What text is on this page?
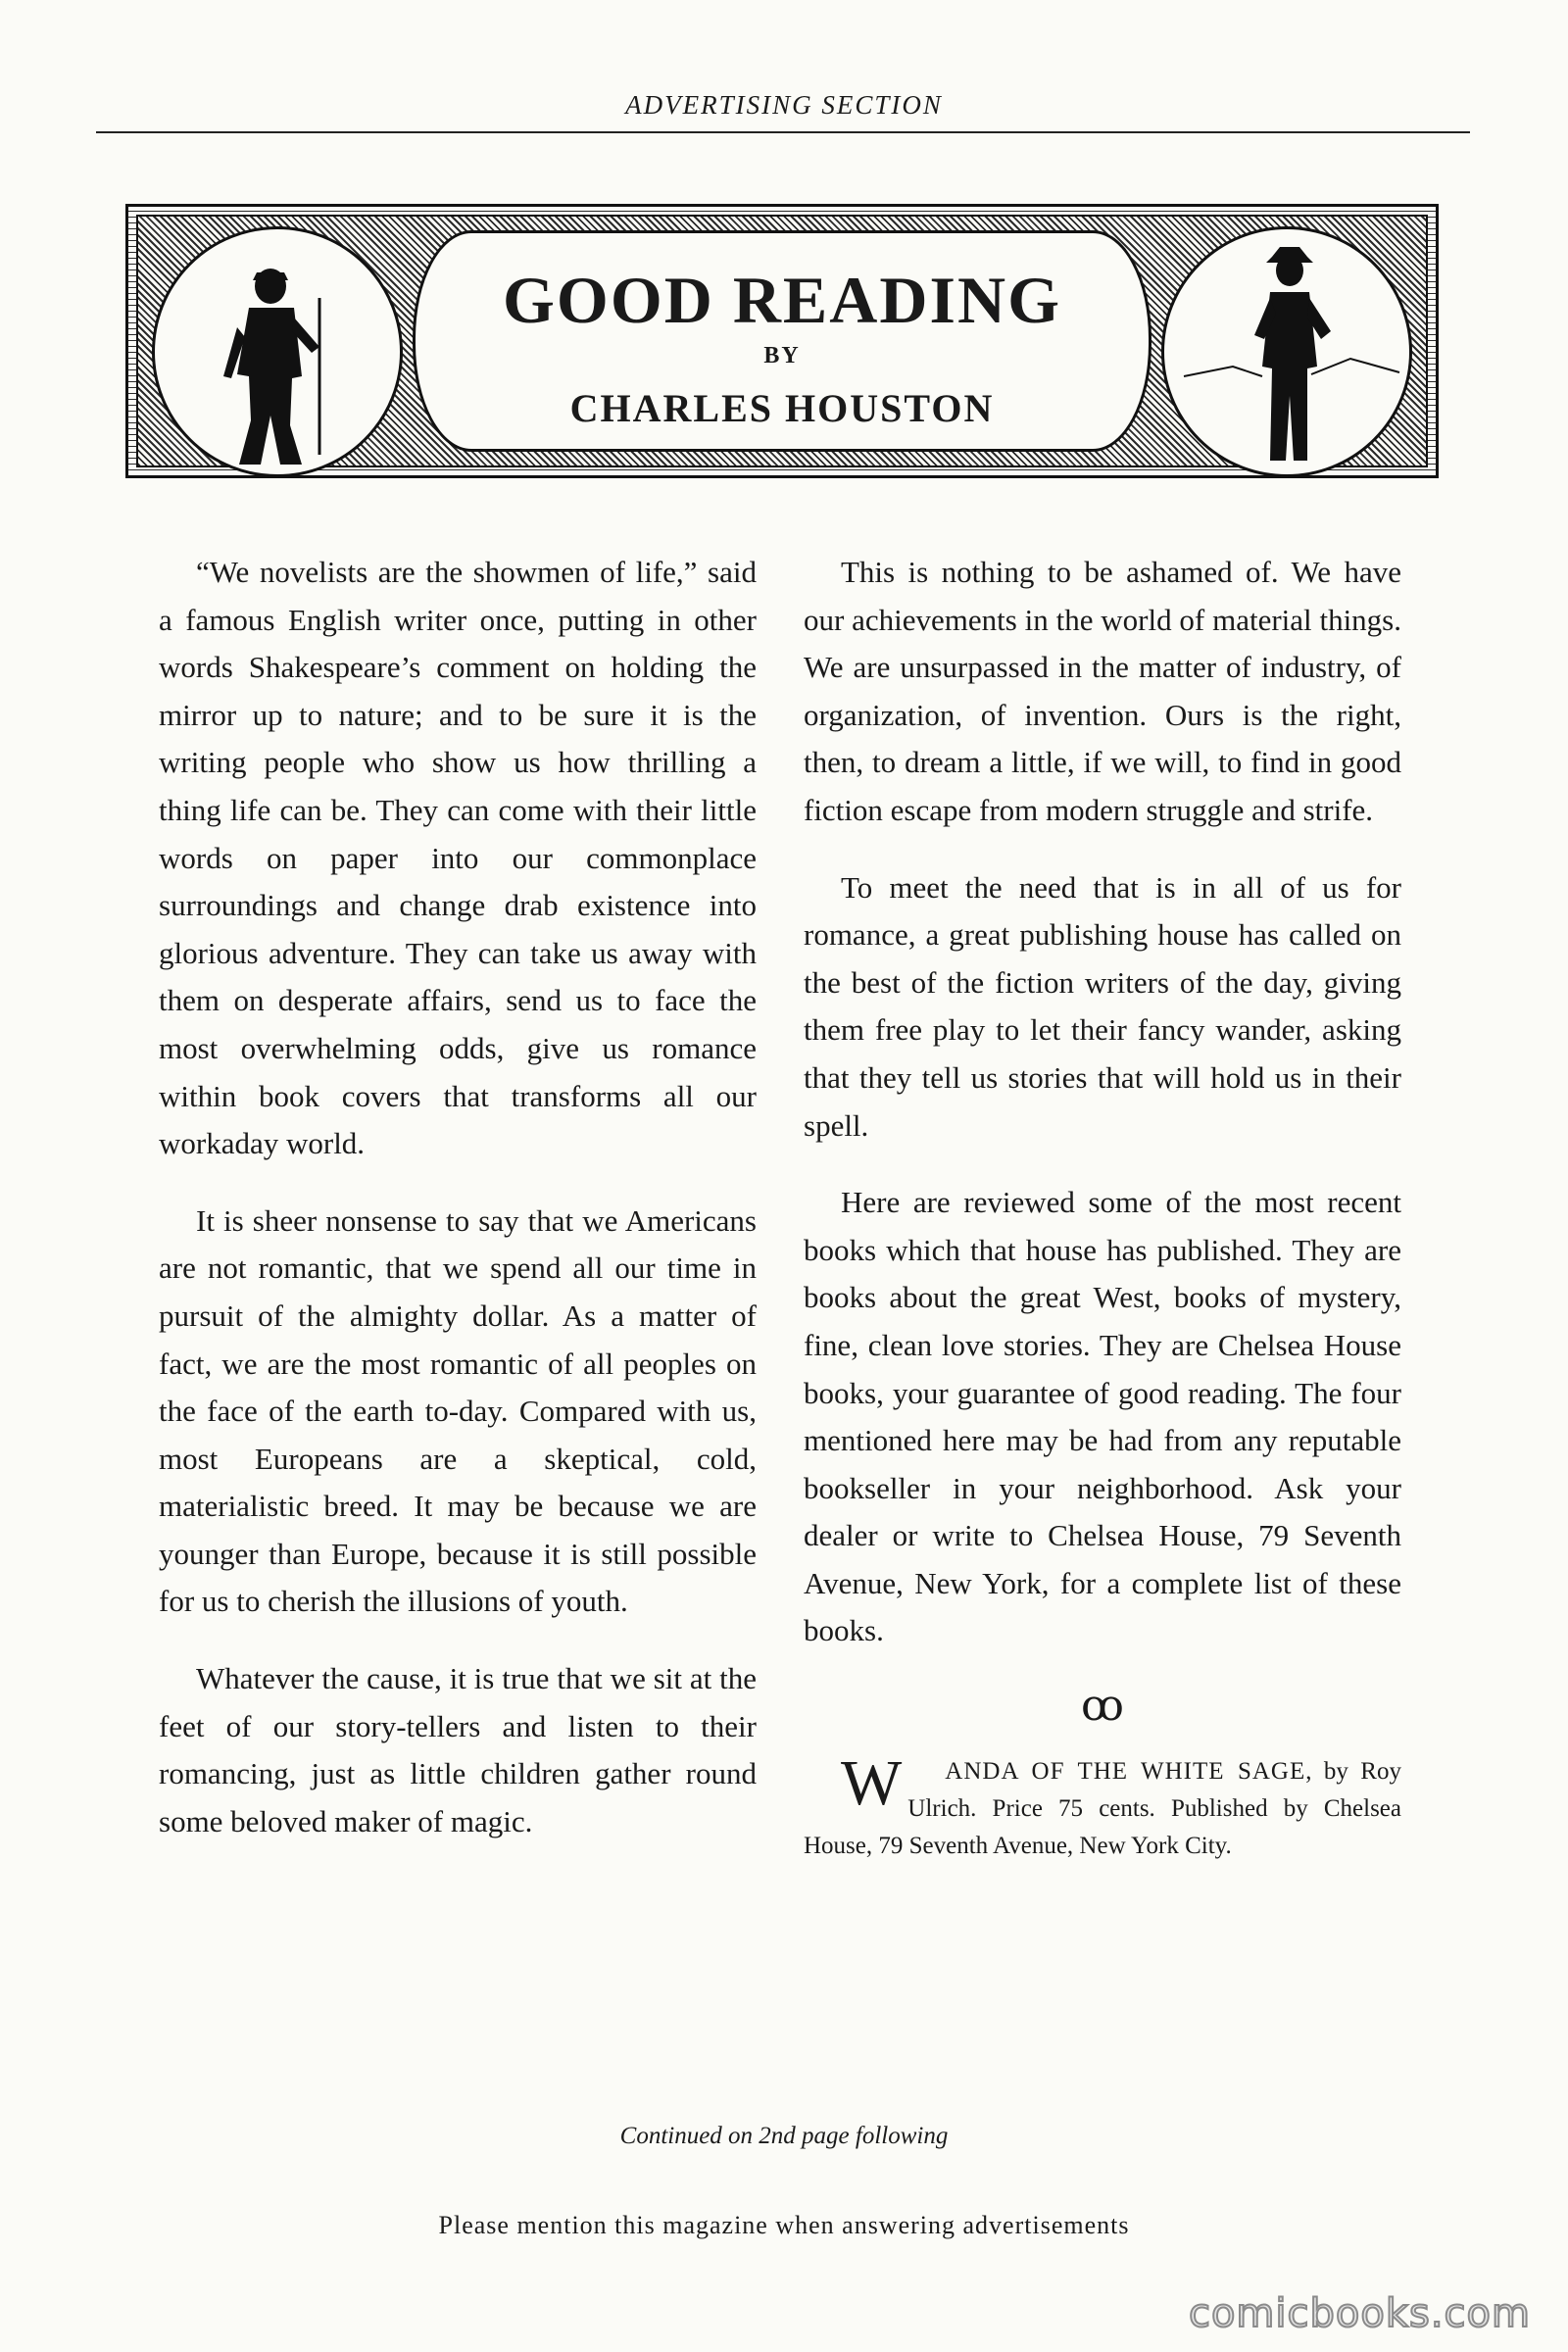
ADVERTISING SECTION
GOOD READING
BY
CHARLES HOUSTON

“We novelists are the showmen of life,” said a famous English writer once, putting in other words Shakespeare’s comment on holding the mirror up to nature; and to be sure it is the writing people who show us how thrilling a thing life can be. They can come with their little words on paper into our commonplace surroundings and change drab existence into glorious adventure. They can take us away with them on desperate affairs, send us to face the most overwhelming odds, give us romance within book covers that transforms all our workaday world.

It is sheer nonsense to say that we Americans are not romantic, that we spend all our time in pursuit of the almighty dollar. As a matter of fact, we are the most romantic of all peoples on the face of the earth to-day. Compared with us, most Europeans are a skeptical, cold, materialistic breed. It may be because we are younger than Europe, because it is still possible for us to cherish the illusions of youth.

Whatever the cause, it is true that we sit at the feet of our story-tellers and listen to their romancing, just as little children gather round some beloved maker of magic.

This is nothing to be ashamed of. We have our achievements in the world of material things. We are unsurpassed in the matter of industry, of organization, of invention. Ours is the right, then, to dream a little, if we will, to find in good fiction escape from modern struggle and strife.

To meet the need that is in all of us for romance, a great publishing house has called on the best of the fiction writers of the day, giving them free play to let their fancy wander, asking that they tell us stories that will hold us in their spell.

Here are reviewed some of the most recent books which that house has published. They are books about the great West, books of mystery, fine, clean love stories. They are Chelsea House books, your guarantee of good reading. The four mentioned here may be had from any reputable bookseller in your neighborhood. Ask your dealer or write to Chelsea House, 79 Seventh Avenue, New York, for a complete list of these books.

ꝏ

W ANDA OF THE WHITE SAGE, by Roy Ulrich. Price 75 cents. Published by Chelsea House, 79 Seventh Avenue, New York City.

Continued on 2nd page following
Please mention this magazine when answering advertisements
comicbooks.com
